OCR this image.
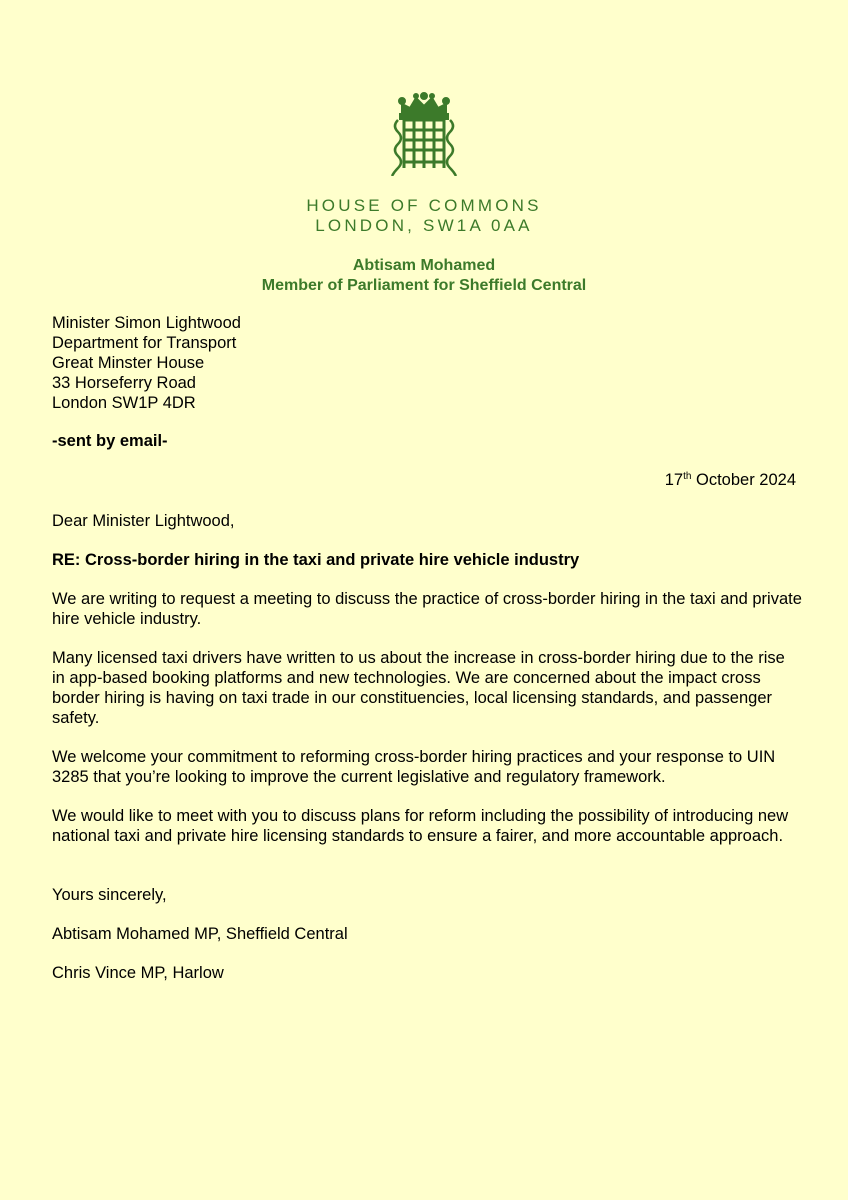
HOUSE OF COMMONS
LONDON, SW1A 0AA
Abtisam Mohamed
Member of Parliament for Sheffield Central
Minister Simon Lightwood
Department for Transport
Great Minster House
33 Horseferry Road
London SW1P 4DR
-sent by email-
17th October 2024
Dear Minister Lightwood,
RE: Cross-border hiring in the taxi and private hire vehicle industry
We are writing to request a meeting to discuss the practice of cross-border hiring in the taxi and private hire vehicle industry.
Many licensed taxi drivers have written to us about the increase in cross-border hiring due to the rise in app-based booking platforms and new technologies. We are concerned about the impact cross border hiring is having on taxi trade in our constituencies, local licensing standards, and passenger safety.
We welcome your commitment to reforming cross-border hiring practices and your response to UIN 3285 that you’re looking to improve the current legislative and regulatory framework.
We would like to meet with you to discuss plans for reform including the possibility of introducing new national taxi and private hire licensing standards to ensure a fairer, and more accountable approach.
Yours sincerely,
Abtisam Mohamed MP, Sheffield Central
Chris Vince MP, Harlow
